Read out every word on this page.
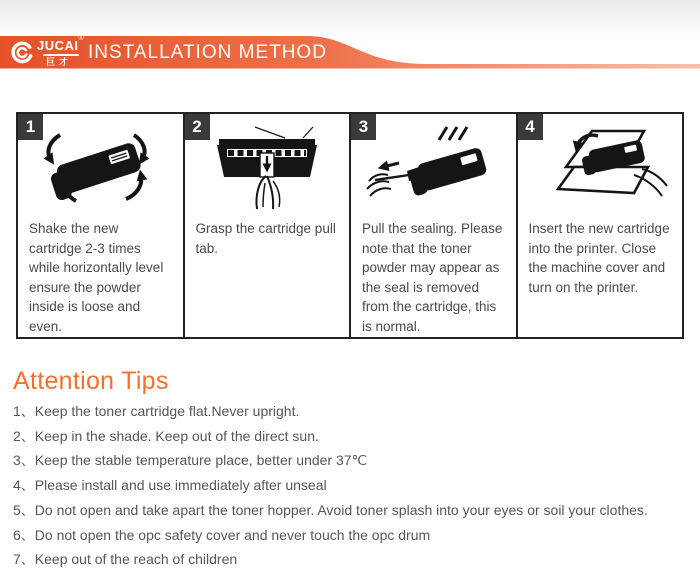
JUCAI®
巨才 INSTALLATION METHOD
1
Shake the new cartridge 2-3 times while horizontally level ensure the powder inside is loose and even.
2
Grasp the cartridge pull tab.
3
Pull the sealing. Please note that the toner powder may appear as the seal is removed from the cartridge, this is normal.
4
Insert the new cartridge into the printer. Close the machine cover and turn on the printer.
Attention Tips
1、Keep the toner cartridge flat.Never upright.
2、Keep in the shade. Keep out of the direct sun.
3、Keep the stable temperature place, better under 37℃
4、Please install and use immediately after unseal
5、Do not open and take apart the toner hopper. Avoid toner splash into your eyes or soil your clothes.
6、Do not open the opc safety cover and never touch the opc drum
7、Keep out of the reach of children
